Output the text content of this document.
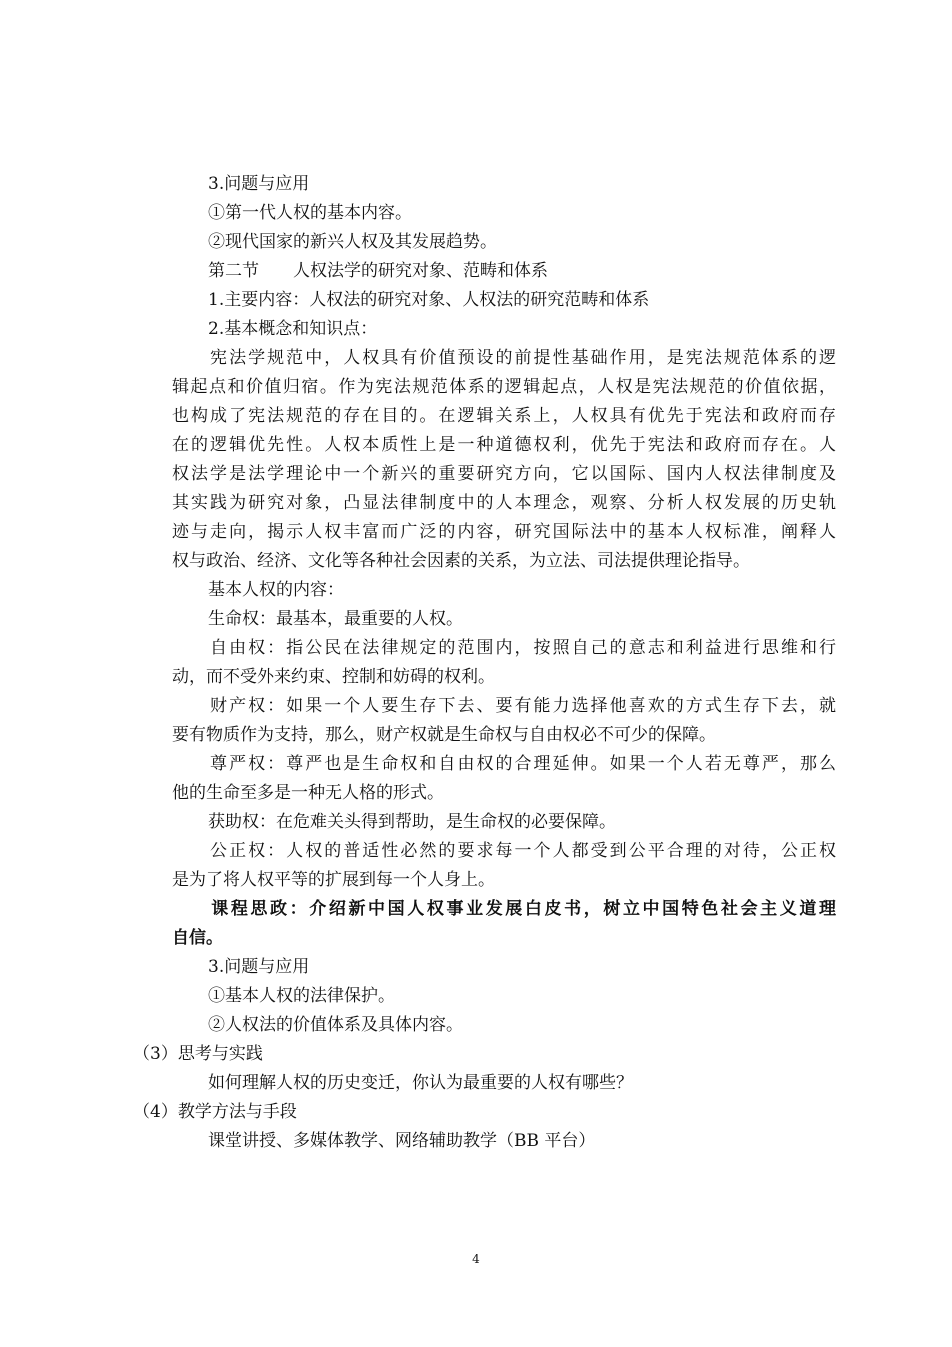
3.问题与应用
①第一代人权的基本内容。
②现代国家的新兴人权及其发展趋势。
第二节　　人权法学的研究对象、范畴和体系
1.主要内容：人权法的研究对象、人权法的研究范畴和体系
2.基本概念和知识点：
　　宪法学规范中，人权具有价值预设的前提性基础作用，是宪法规范体系的逻
辑起点和价值归宿。作为宪法规范体系的逻辑起点，人权是宪法规范的价值依据，
也构成了宪法规范的存在目的。在逻辑关系上，人权具有优先于宪法和政府而存
在的逻辑优先性。人权本质性上是一种道德权利，优先于宪法和政府而存在。人
权法学是法学理论中一个新兴的重要研究方向，它以国际、国内人权法律制度及
其实践为研究对象，凸显法律制度中的人本理念，观察、分析人权发展的历史轨
迹与走向，揭示人权丰富而广泛的内容，研究国际法中的基本人权标准，阐释人
权与政治、经济、文化等各种社会因素的关系，为立法、司法提供理论指导。
基本人权的内容：
生命权：最基本，最重要的人权。
　　自由权：指公民在法律规定的范围内，按照自己的意志和利益进行思维和行
动，而不受外来约束、控制和妨碍的权利。
　　财产权：如果一个人要生存下去、要有能力选择他喜欢的方式生存下去，就
要有物质作为支持，那么，财产权就是生命权与自由权必不可少的保障。
　　尊严权：尊严也是生命权和自由权的合理延伸。如果一个人若无尊严，那么
他的生命至多是一种无人格的形式。
获助权：在危难关头得到帮助，是生命权的必要保障。
　　公正权：人权的普适性必然的要求每一个人都受到公平合理的对待，公正权
是为了将人权平等的扩展到每一个人身上。
　　课程思政：介绍新中国人权事业发展白皮书，树立中国特色社会主义道理
自信。
3.问题与应用
①基本人权的法律保护。
②人权法的价值体系及具体内容。
（3）思考与实践
如何理解人权的历史变迁，你认为最重要的人权有哪些？
（4）教学方法与手段
课堂讲授、多媒体教学、网络辅助教学（BB 平台）
4
